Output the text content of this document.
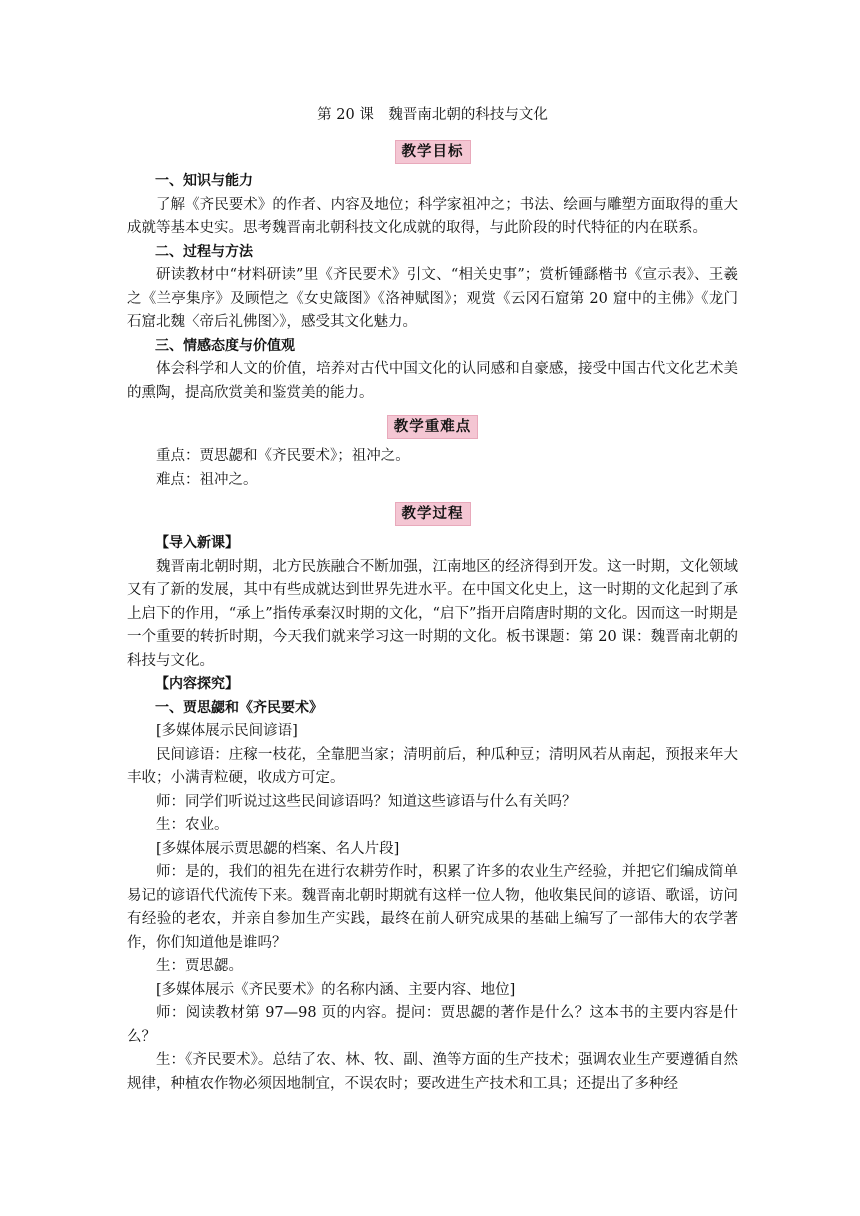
第 20 课　魏晋南北朝的科技与文化
教学目标

一、知识与能力

了解《齐民要术》的作者、内容及地位；科学家祖冲之；书法、绘画与雕塑方面取得的重大成就等基本史实。思考魏晋南北朝科技文化成就的取得，与此阶段的时代特征的内在联系。

二、过程与方法

研读教材中“材料研读”里《齐民要术》引文、“相关史事”；赏析锺繇楷书《宣示表》、王羲之《兰亭集序》及顾恺之《女史箴图》《洛神赋图》；观赏《云冈石窟第 20 窟中的主佛》《龙门石窟北魏〈帝后礼佛图〉》，感受其文化魅力。

三、情感态度与价值观

体会科学和人文的价值，培养对古代中国文化的认同感和自豪感，接受中国古代文化艺术美的熏陶，提高欣赏美和鉴赏美的能力。

教学重难点

重点：贾思勰和《齐民要术》；祖冲之。

难点：祖冲之。

教学过程

【导入新课】

魏晋南北朝时期，北方民族融合不断加强，江南地区的经济得到开发。这一时期，文化领域又有了新的发展，其中有些成就达到世界先进水平。在中国文化史上，这一时期的文化起到了承上启下的作用，“承上”指传承秦汉时期的文化，“启下”指开启隋唐时期的文化。因而这一时期是一个重要的转折时期，今天我们就来学习这一时期的文化。板书课题：第 20 课：魏晋南北朝的科技与文化。

【内容探究】

一、贾思勰和《齐民要术》

[多媒体展示民间谚语]

民间谚语：庄稼一枝花，全靠肥当家；清明前后，种瓜种豆；清明风若从南起，预报来年大丰收；小满青粒硬，收成方可定。

师：同学们听说过这些民间谚语吗？知道这些谚语与什么有关吗？

生：农业。

[多媒体展示贾思勰的档案、名人片段]

师：是的，我们的祖先在进行农耕劳作时，积累了许多的农业生产经验，并把它们编成简单易记的谚语代代流传下来。魏晋南北朝时期就有这样一位人物，他收集民间的谚语、歌谣，访问有经验的老农，并亲自参加生产实践，最终在前人研究成果的基础上编写了一部伟大的农学著作，你们知道他是谁吗？

生：贾思勰。

[多媒体展示《齐民要术》的名称内涵、主要内容、地位]

师：阅读教材第 97—98 页的内容。提问：贾思勰的著作是什么？这本书的主要内容是什么？

生：《齐民要术》。总结了农、林、牧、副、渔等方面的生产技术；强调农业生产要遵循自然规律，种植农作物必须因地制宜，不误农时；要改进生产技术和工具；还提出了多种经
